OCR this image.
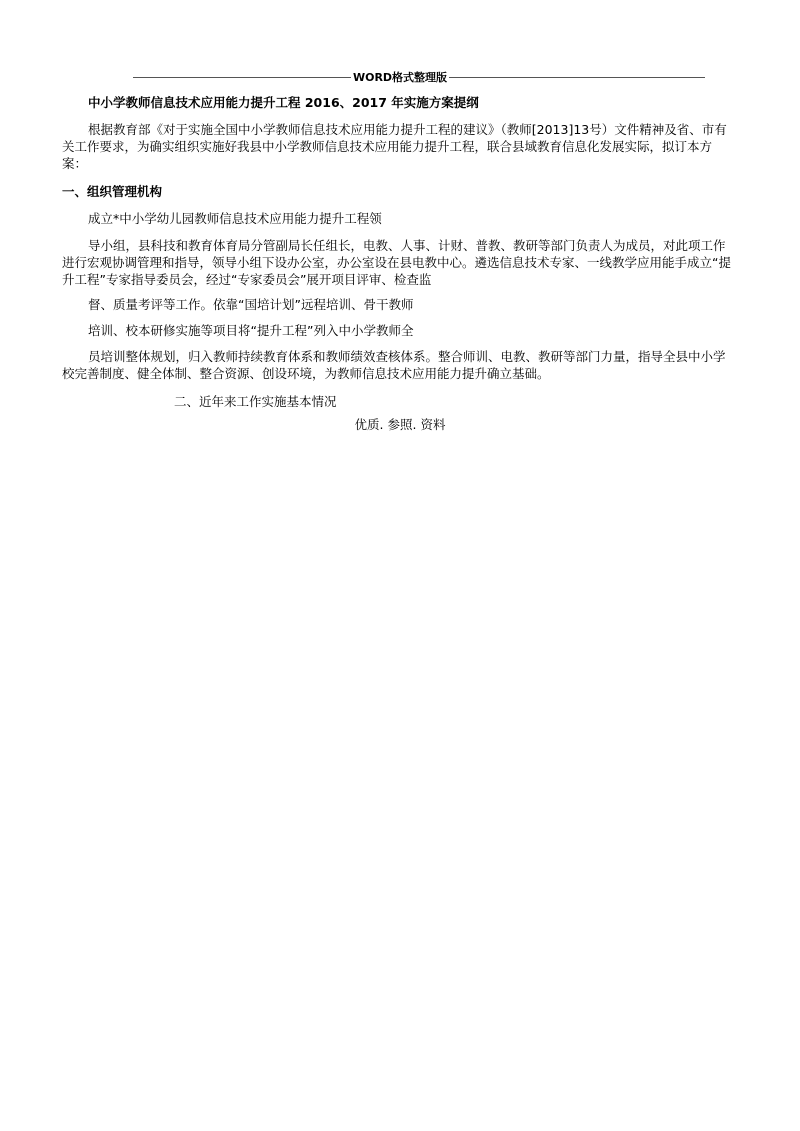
WORD格式整理版

中小学教师信息技术应用能力提升工程 2016、2017 年实施方案提纲

根据教育部《对于实施全国中小学教师信息技术应用能力提升工程的建议》（教师[2013]13号）文件精神及省、市有关工作要求，为确实组织实施好我县中小学教师信息技术应用能力提升工程，联合县域教育信息化发展实际，拟订本方案：

一、组织管理机构

成立*中小学幼儿园教师信息技术应用能力提升工程领

导小组，县科技和教育体育局分管副局长任组长，电教、人事、计财、普教、教研等部门负责人为成员，对此项工作进行宏观协调管理和指导，领导小组下设办公室，办公室设在县电教中心。遴选信息技术专家、一线教学应用能手成立“提升工程”专家指导委员会，经过“专家委员会”展开项目评审、检查监

督、质量考评等工作。依靠“国培计划”远程培训、骨干教师

培训、校本研修实施等项目将“提升工程”列入中小学教师全

员培训整体规划，归入教师持续教育体系和教师绩效查核体系。整合师训、电教、教研等部门力量，指导全县中小学校完善制度、健全体制、整合资源、创设环境，为教师信息技术应用能力提升确立基础。

二、近年来工作实施基本情况

优质. 参照. 资料
